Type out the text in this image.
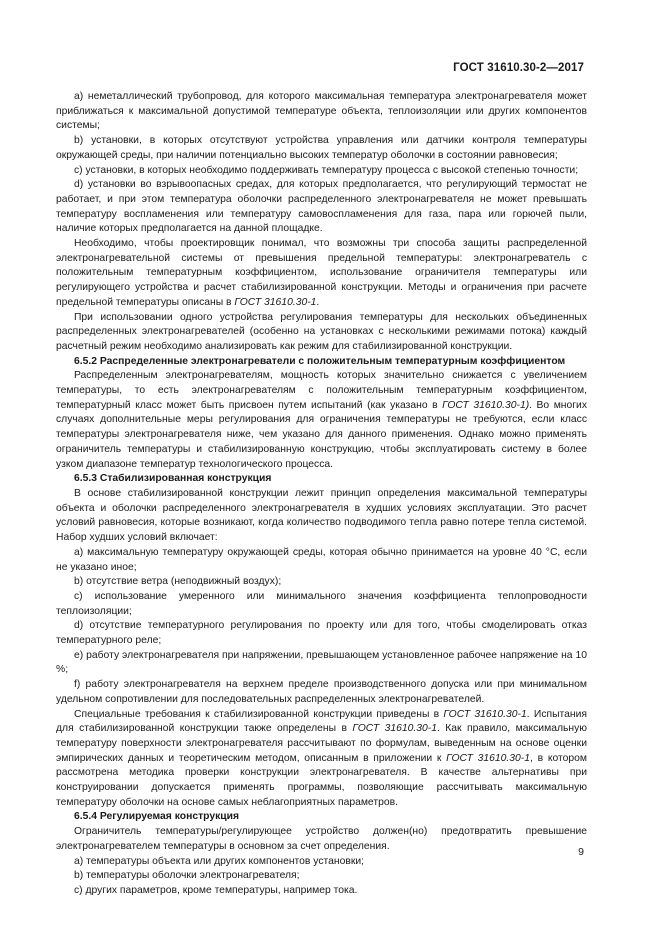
ГОСТ 31610.30-2—2017

а) неметаллический трубопровод, для которого максимальная температура электронагревателя может приближаться к максимальной допустимой температуре объекта, теплоизоляции или других компонентов системы;

b) установки, в которых отсутствуют устройства управления или датчики контроля температуры окружающей среды, при наличии потенциально высоких температур оболочки в состоянии равновесия;

с) установки, в которых необходимо поддерживать температуру процесса с высокой степенью точности;

d) установки во взрывоопасных средах, для которых предполагается, что регулирующий термостат не работает, и при этом температура оболочки распределенного электронагревателя не может превышать температуру воспламенения или температуру самовоспламенения для газа, пара или горючей пыли, наличие которых предполагается на данной площадке.

Необходимо, чтобы проектировщик понимал, что возможны три способа защиты распределенной электронагревательной системы от превышения предельной температуры: электронагреватель с положительным температурным коэффициентом, использование ограничителя температуры или регулирующего устройства и расчет стабилизированной конструкции. Методы и ограничения при расчете предельной температуры описаны в ГОСТ 31610.30-1.

При использовании одного устройства регулирования температуры для нескольких объединенных распределенных электронагревателей (особенно на установках с несколькими режимами потока) каждый расчетный режим необходимо анализировать как режим для стабилизированной конструкции.

6.5.2 Распределенные электронагреватели с положительным температурным коэффициентом

Распределенным электронагревателям, мощность которых значительно снижается с увеличением температуры, то есть электронагревателям с положительным температурным коэффициентом, температурный класс может быть присвоен путем испытаний (как указано в ГОСТ 31610.30-1). Во многих случаях дополнительные меры регулирования для ограничения температуры не требуются, если класс температуры электронагревателя ниже, чем указано для данного применения. Однако можно применять ограничитель температуры и стабилизированную конструкцию, чтобы эксплуатировать систему в более узком диапазоне температур технологического процесса.

6.5.3 Стабилизированная конструкция

В основе стабилизированной конструкции лежит принцип определения максимальной температуры объекта и оболочки распределенного электронагревателя в худших условиях эксплуатации. Это расчет условий равновесия, которые возникают, когда количество подводимого тепла равно потере тепла системой. Набор худших условий включает:

а) максимальную температуру окружающей среды, которая обычно принимается на уровне 40 °С, если не указано иное;

b) отсутствие ветра (неподвижный воздух);

с) использование умеренного или минимального значения коэффициента теплопроводности теплоизоляции;

d) отсутствие температурного регулирования по проекту или для того, чтобы смоделировать отказ температурного реле;

е) работу электронагревателя при напряжении, превышающем установленное рабочее напряжение на 10 %;

f) работу электронагревателя на верхнем пределе производственного допуска или при минимальном удельном сопротивлении для последовательных распределенных электронагревателей.

Специальные требования к стабилизированной конструкции приведены в ГОСТ 31610.30-1. Испытания для стабилизированной конструкции также определены в ГОСТ 31610.30-1. Как правило, максимальную температуру поверхности электронагревателя рассчитывают по формулам, выведенным на основе оценки эмпирических данных и теоретическим методом, описанным в приложении к ГОСТ 31610.30-1, в котором рассмотрена методика проверки конструкции электронагревателя. В качестве альтернативы при конструировании допускается применять программы, позволяющие рассчитывать максимальную температуру оболочки на основе самых неблагоприятных параметров.

6.5.4 Регулируемая конструкция

Ограничитель температуры/регулирующее устройство должен(но) предотвратить превышение электронагревателем температуры в основном за счет определения.

а) температуры объекта или других компонентов установки;

b) температуры оболочки электронагревателя;

с) других параметров, кроме температуры, например тока.

9
